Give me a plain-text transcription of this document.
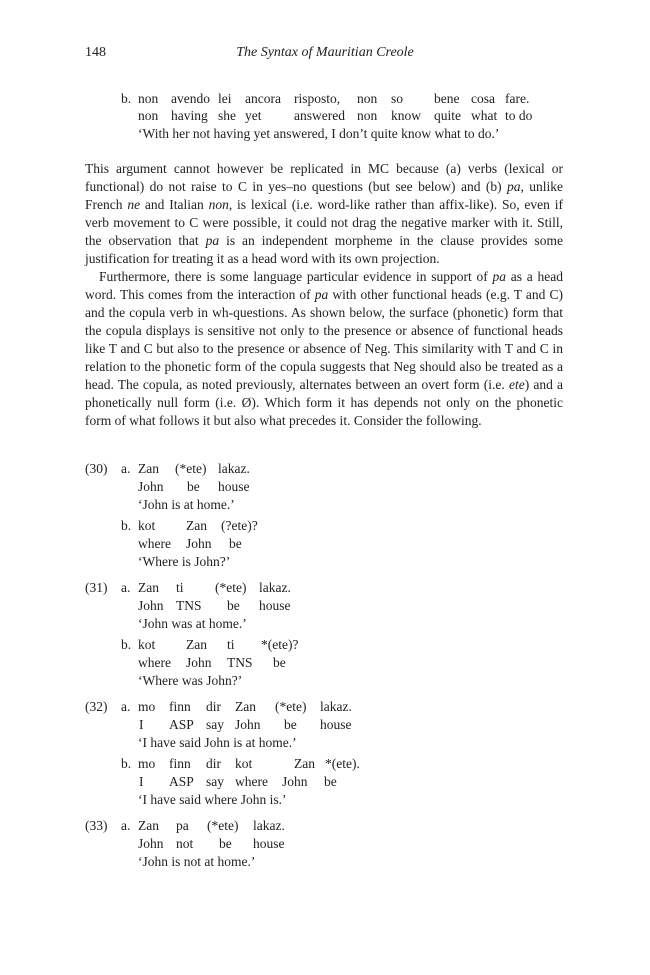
148	The Syntax of Mauritian Creole
b. non avendo lei ancora risposto, non so bene cosa fare.
non having she yet answered non know quite what to do
‘With her not having yet answered, I don’t quite know what to do.’

This argument cannot however be replicated in MC because (a) verbs (lexical or functional) do not raise to C in yes–no questions (but see below) and (b) pa, unlike French ne and Italian non, is lexical (i.e. word-like rather than affix-like). So, even if verb movement to C were possible, it could not drag the negative marker with it. Still, the observation that pa is an independent morpheme in the clause provides some justification for treating it as a head word with its own projection.

Furthermore, there is some language particular evidence in support of pa as a head word. This comes from the interaction of pa with other functional heads (e.g. T and C) and the copula verb in wh-questions. As shown below, the surface (phonetic) form that the copula displays is sensitive not only to the presence or absence of functional heads like T and C but also to the presence or absence of Neg. This similarity with T and C in relation to the phonetic form of the copula suggests that Neg should also be treated as a head. The copula, as noted previously, alternates between an overt form (i.e. ete) and a phonetically null form (i.e. Ø). Which form it has depends not only on the phonetic form of what follows it but also what precedes it. Consider the following.

(30) a. Zan (*ete) lakaz.
John be house
‘John is at home.’
b. kot Zan (?ete)?
where John be
‘Where is John?’
(31) a. Zan ti (*ete) lakaz.
John TNS be house
‘John was at home.’
b. kot Zan ti *(ete)?
where John TNS be
‘Where was John?’
(32) a. mo finn dir Zan (*ete) lakaz.
I ASP say John be house
‘I have said John is at home.’
b. mo finn dir kot	Zan *(ete).
I ASP say where John be
‘I have said where John is.’
(33) a. Zan pa (*ete) lakaz.
John not be house
‘John is not at home.’
